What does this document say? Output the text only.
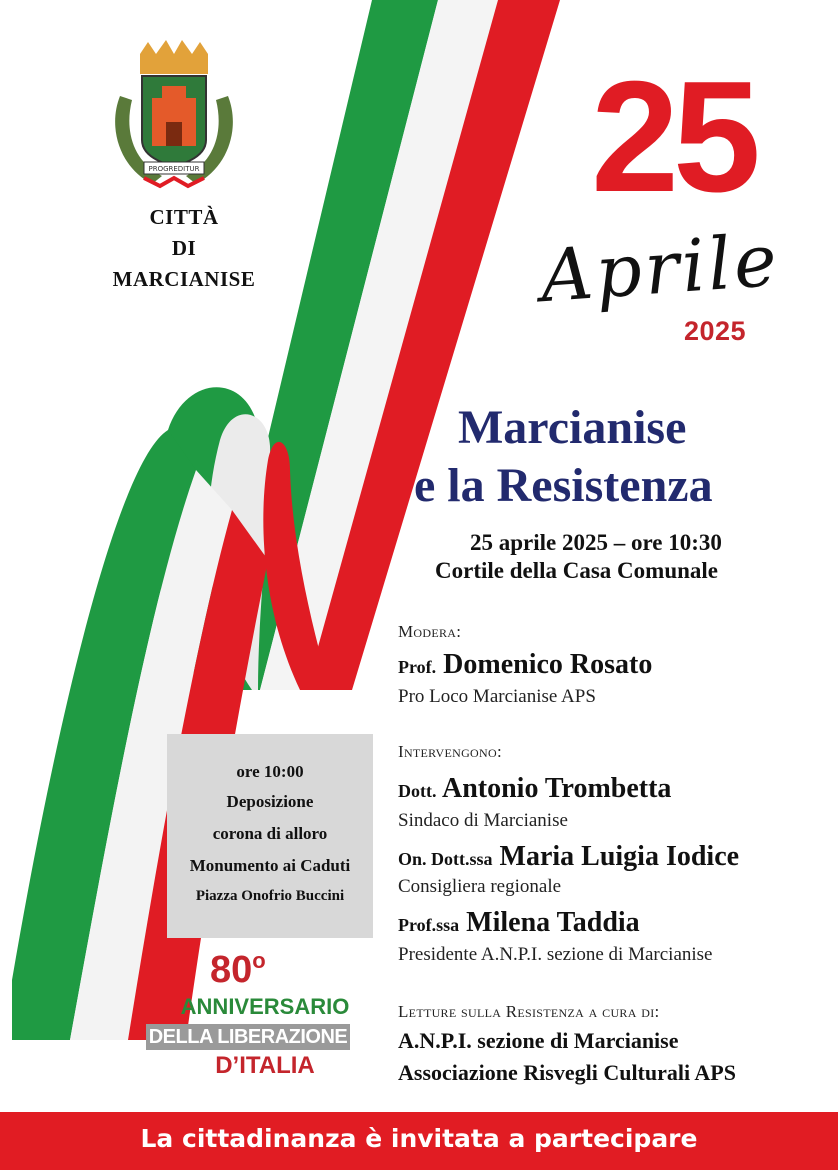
PROGREDITUR
CITTÀ
DI
MARCIANISE
25
Aprile
2025
Marcianise
e la Resistenza
25 aprile 2025 – ore 10:30
Cortile della Casa Comunale
Modera:
Prof. Domenico Rosato
Pro Loco Marcianise APS
Intervengono:
Dott. Antonio Trombetta
Sindaco di Marcianise
On. Dott.ssa Maria Luigia Iodice
Consigliera regionale
Prof.ssa Milena Taddia
Presidente A.N.P.I. sezione di Marcianise
Letture sulla Resistenza a cura di:
A.N.P.I. sezione di Marcianise
Associazione Risvegli Culturali APS
ore 10:00
Deposizione
corona di alloro
Monumento ai Caduti
Piazza Onofrio Buccini
80$^o$
ANNIVERSARIO
DELLA LIBERAZIONE
D’ITALIA
La cittadinanza è invitata a partecipare
